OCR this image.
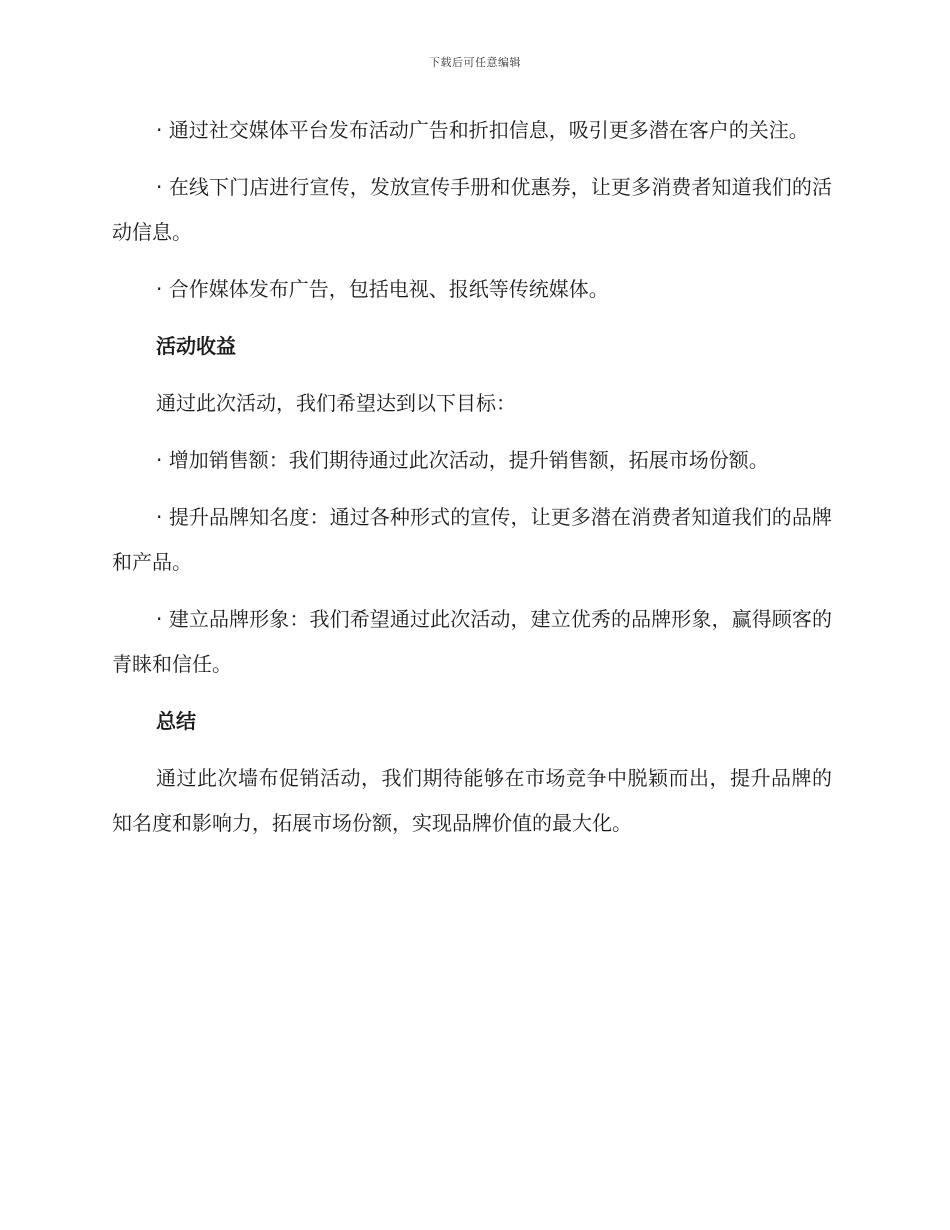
下载后可任意编辑

· 通过社交媒体平台发布活动广告和折扣信息，吸引更多潜在客户的关注。

· 在线下门店进行宣传，发放宣传手册和优惠券，让更多消费者知道我们的活动信息。

· 合作媒体发布广告，包括电视、报纸等传统媒体。

活动收益

通过此次活动，我们希望达到以下目标：

· 增加销售额：我们期待通过此次活动，提升销售额，拓展市场份额。

· 提升品牌知名度：通过各种形式的宣传，让更多潜在消费者知道我们的品牌和产品。

· 建立品牌形象：我们希望通过此次活动，建立优秀的品牌形象，赢得顾客的青睐和信任。

总结

通过此次墙布促销活动，我们期待能够在市场竞争中脱颖而出，提升品牌的知名度和影响力，拓展市场份额，实现品牌价值的最大化。
